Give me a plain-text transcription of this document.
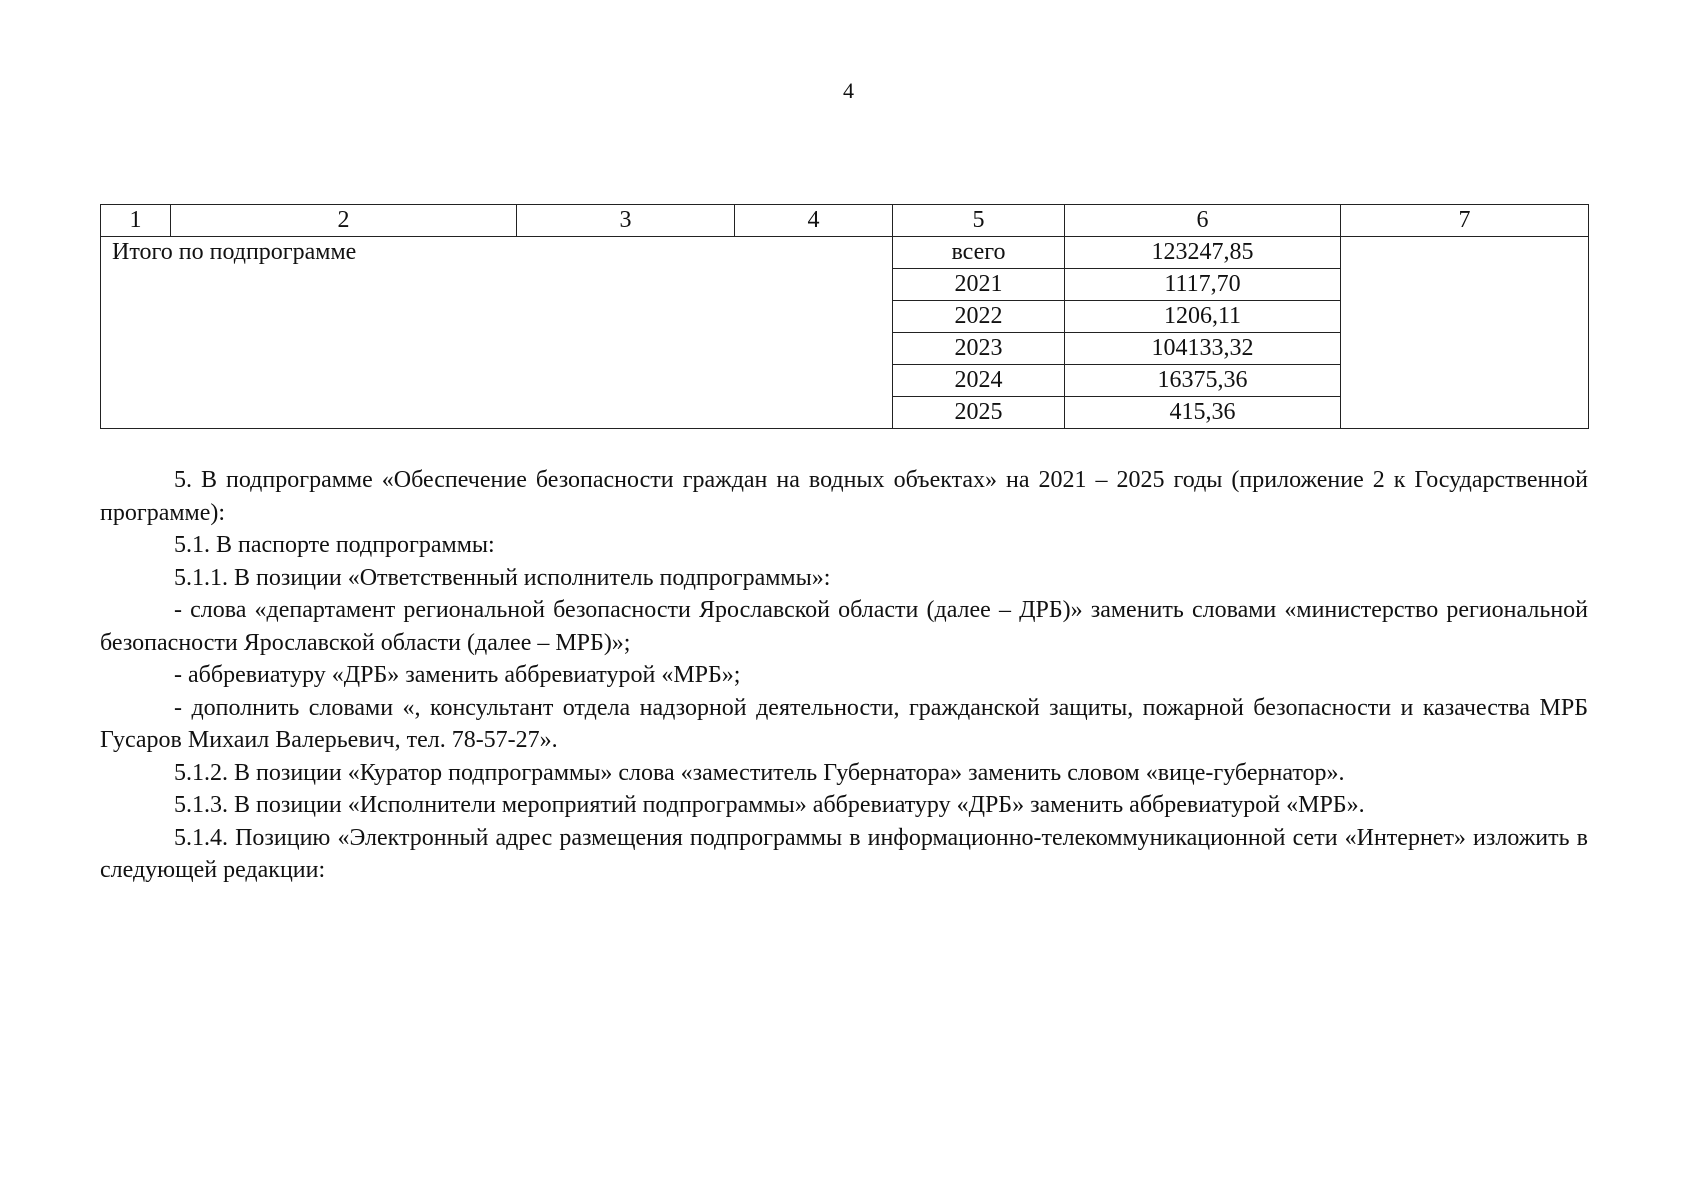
4
1	2	3	4	5	6	7
Итого по подпрограмме				всего	123247,85	
				2021	1117,70	
				2022	1206,11	
				2023	104133,32	
				2024	16375,36	
				2025	415,36	

5. В подпрограмме «Обеспечение безопасности граждан на водных объектах» на 2021 – 2025 годы (приложение 2 к Государственной программе):

5.1. В паспорте подпрограммы:

5.1.1. В позиции «Ответственный исполнитель подпрограммы»:

- слова «департамент региональной безопасности Ярославской области (далее – ДРБ)» заменить словами «министерство региональной безопасности Ярославской области (далее – МРБ)»;

- аббревиатуру «ДРБ» заменить аббревиатурой «МРБ»;

- дополнить словами «, консультант отдела надзорной деятельности, гражданской защиты, пожарной безопасности и казачества МРБ Гусаров Михаил Валерьевич, тел. 78-57-27».

5.1.2. В позиции «Куратор подпрограммы» слова «заместитель Губернатора» заменить словом «вице-губернатор».

5.1.3. В позиции «Исполнители мероприятий подпрограммы» аббревиатуру «ДРБ» заменить аббревиатурой «МРБ».

5.1.4. Позицию «Электронный адрес размещения подпрограммы в информационно-телекоммуникационной сети «Интернет» изложить в следующей редакции:
